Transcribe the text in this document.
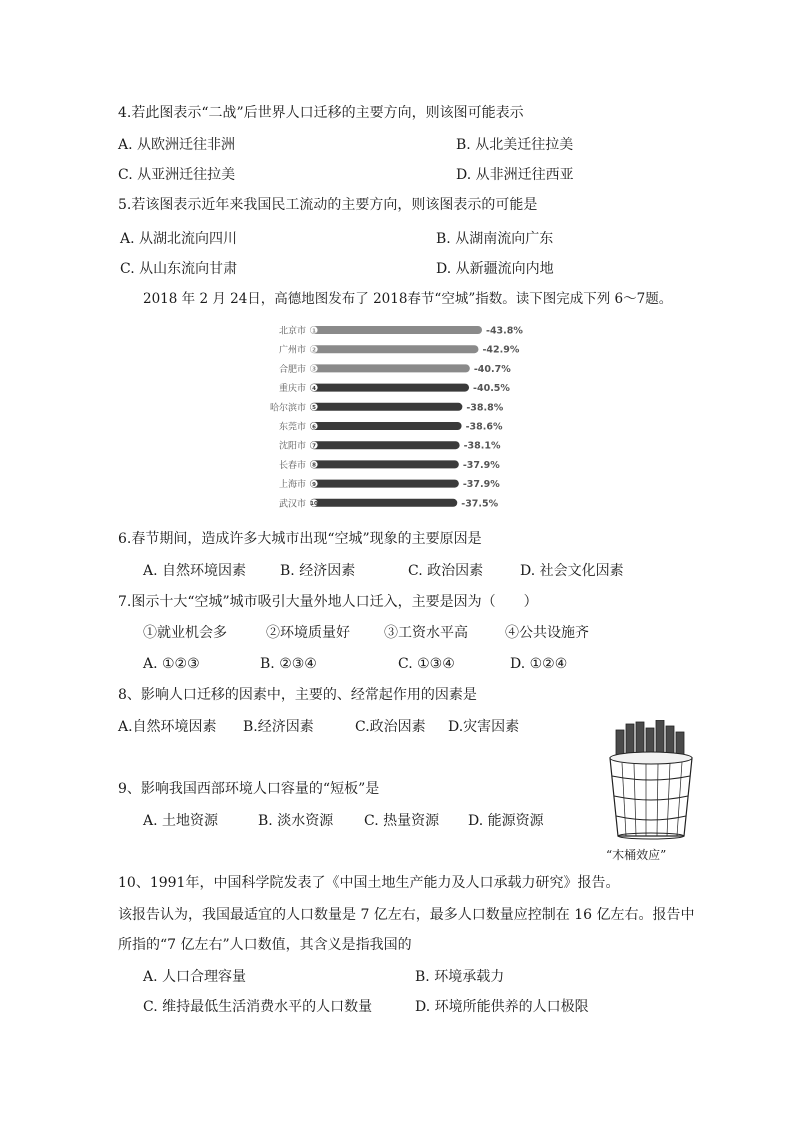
4.若此图表示“二战”后世界人口迁移的主要方向，则该图可能表示
A. 从欧洲迁往非洲	B. 从北美迁往拉美
C. 从亚洲迁往拉美	D. 从非洲迁往西亚
5.若该图表示近年来我国民工流动的主要方向，则该图表示的可能是
A. 从湖北流向四川	B. 从湖南流向广东
C. 从山东流向甘肃	D. 从新疆流向内地
2018 年 2 月 24日，高德地图发布了 2018春节“空城”指数。读下图完成下列 6～7题。
北京市 1	-43.8%
广州市 2	-42.9%
合肥市 3	-40.7%
重庆市 4	-40.5%
哈尔滨市 5	-38.8%
东莞市 6	-38.6%
沈阳市 7	-38.1%
长春市 8	-37.9%
上海市 9	-37.9%
武汉市 10	-37.5%
6.春节期间，造成许多大城市出现“空城”现象的主要原因是
A. 自然环境因素 B. 经济因素	C. 政治因素	D. 社会文化因素
7.图示十大“空城”城市吸引大量外地人口迁入，主要是因为（　　）
①就业机会多	②环境质量好 ③工资水平高	④公共设施齐
A. ①②③	B. ②③④	C. ①③④	D. ①②④
8、影响人口迁移的因素中，主要的、经常起作用的因素是
A.自然环境因素 B.经济因素	C.政治因素 D.灾害因素
“木桶效应”
9、影响我国西部环境人口容量的“短板”是
A. 土地资源	B. 淡水资源 C. 热量资源 D. 能源资源
10、1991年，中国科学院发表了《中国土地生产能力及人口承载力研究》报告。
该报告认为，我国最适宜的人口数量是 7 亿左右，最多人口数量应控制在 16 亿左右。报告中
所指的“7 亿左右”人口数值，其含义是指我国的
A. 人口合理容量	B. 环境承载力
C. 维持最低生活消费水平的人口数量	D. 环境所能供养的人口极限
